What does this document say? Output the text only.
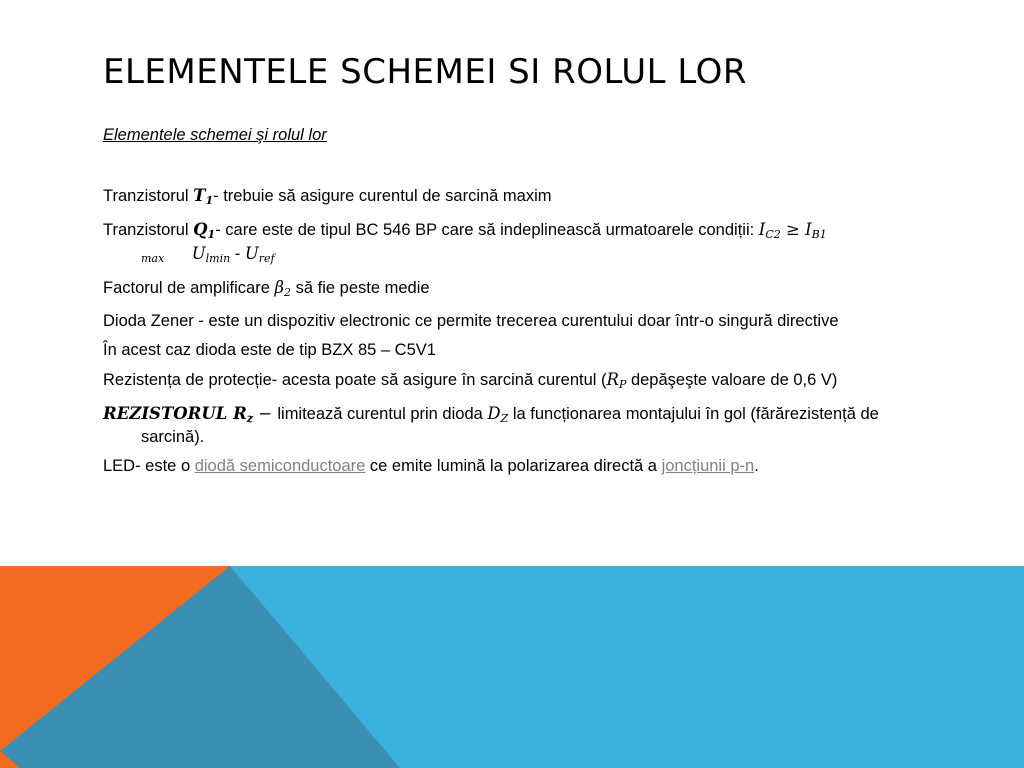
ELEMENTELE SCHEMEI SI ROLUL LOR

Elementele schemei şi rolul lor

Tranzistorul $T_1-$ trebuie să asigure curentul de sarcină maxim

Tranzistorul $Q_1-$ care este de tipul BC 546 BP care să indeplinească urmatoarele condiții: $I_{C2} \ge I_{B1 max}$ $U_{lmin} - U_{ref}$

Factorul de amplificare $\beta_2$ să fie peste medie

Dioda Zener - este un dispozitiv electronic ce permite trecerea curentului doar într-o singură directive

În acest caz dioda este de tip BZX 85 – C5V1

Rezistența de protecție- acesta poate să asigure în sarcină curentul ($R_P$ depăşeşte valoare de 0,6 V)

REZISTORUL $R_z$ − limitează curentul prin dioda $D_Z$ la funcționarea montajului în gol (fărărezistență de sarcină).

LED- este o diodă semiconductoare ce emite lumină la polarizarea directă a joncțiunii p-n.
